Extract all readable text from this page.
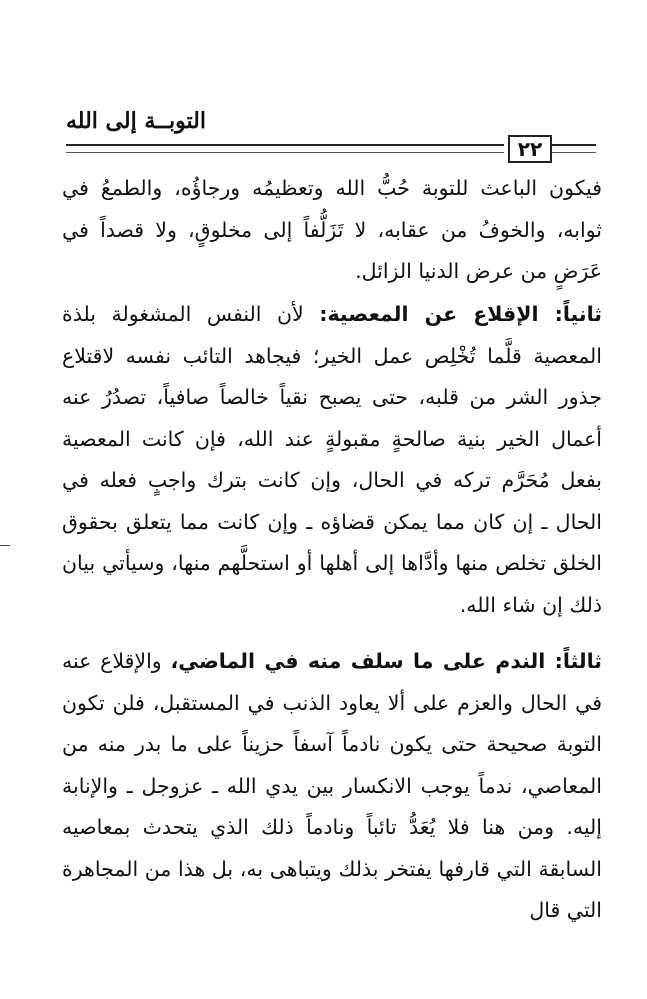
التوبــة إلى الله
٢٢

فيكون الباعث للتوبة حُبُّ الله وتعظيمُه ورجاؤُه، والطمعُ في ثوابه، والخوفُ من عقابه، لا تَزَلُّفاً إلى مخلوقٍ، ولا قصداً في عَرَضٍ من عرض الدنيا الزائل.

ثانياً: الإقلاع عن المعصية: لأن النفس المشغولة بلذة المعصية قلَّما تُخْلِص عمل الخير؛ فيجاهد التائب نفسه لاقتلاع جذور الشر من قلبه، حتى يصبح نقياً خالصاً صافياً، تصدُرُ عنه أعمال الخير بنية صالحةٍ مقبولةٍ عند الله، فإن كانت المعصية بفعل مُحَرَّم تركه في الحال، وإن كانت بترك واجبٍ فعله في الحال ـ إن كان مما يمكن قضاؤه ـ وإن كانت مما يتعلق بحقوق الخلق تخلص منها وأدَّاها إلى أهلها أو استحلَّهم منها، وسيأتي بيان ذلك إن شاء الله.

ثالثاً: الندم على ما سلف منه في الماضي، والإقلاع عنه في الحال والعزم على ألا يعاود الذنب في المستقبل، فلن تكون التوبة صحيحة حتى يكون نادماً آسفاً حزيناً على ما بدر منه من المعاصي، ندماً يوجب الانكسار بين يدي الله ـ عزوجل ـ والإنابة إليه. ومن هنا فلا يُعَدُّ تائباً ونادماً ذلك الذي يتحدث بمعاصيه السابقة التي قارفها يفتخر بذلك ويتباهى به، بل هذا من المجاهرة التي قال
